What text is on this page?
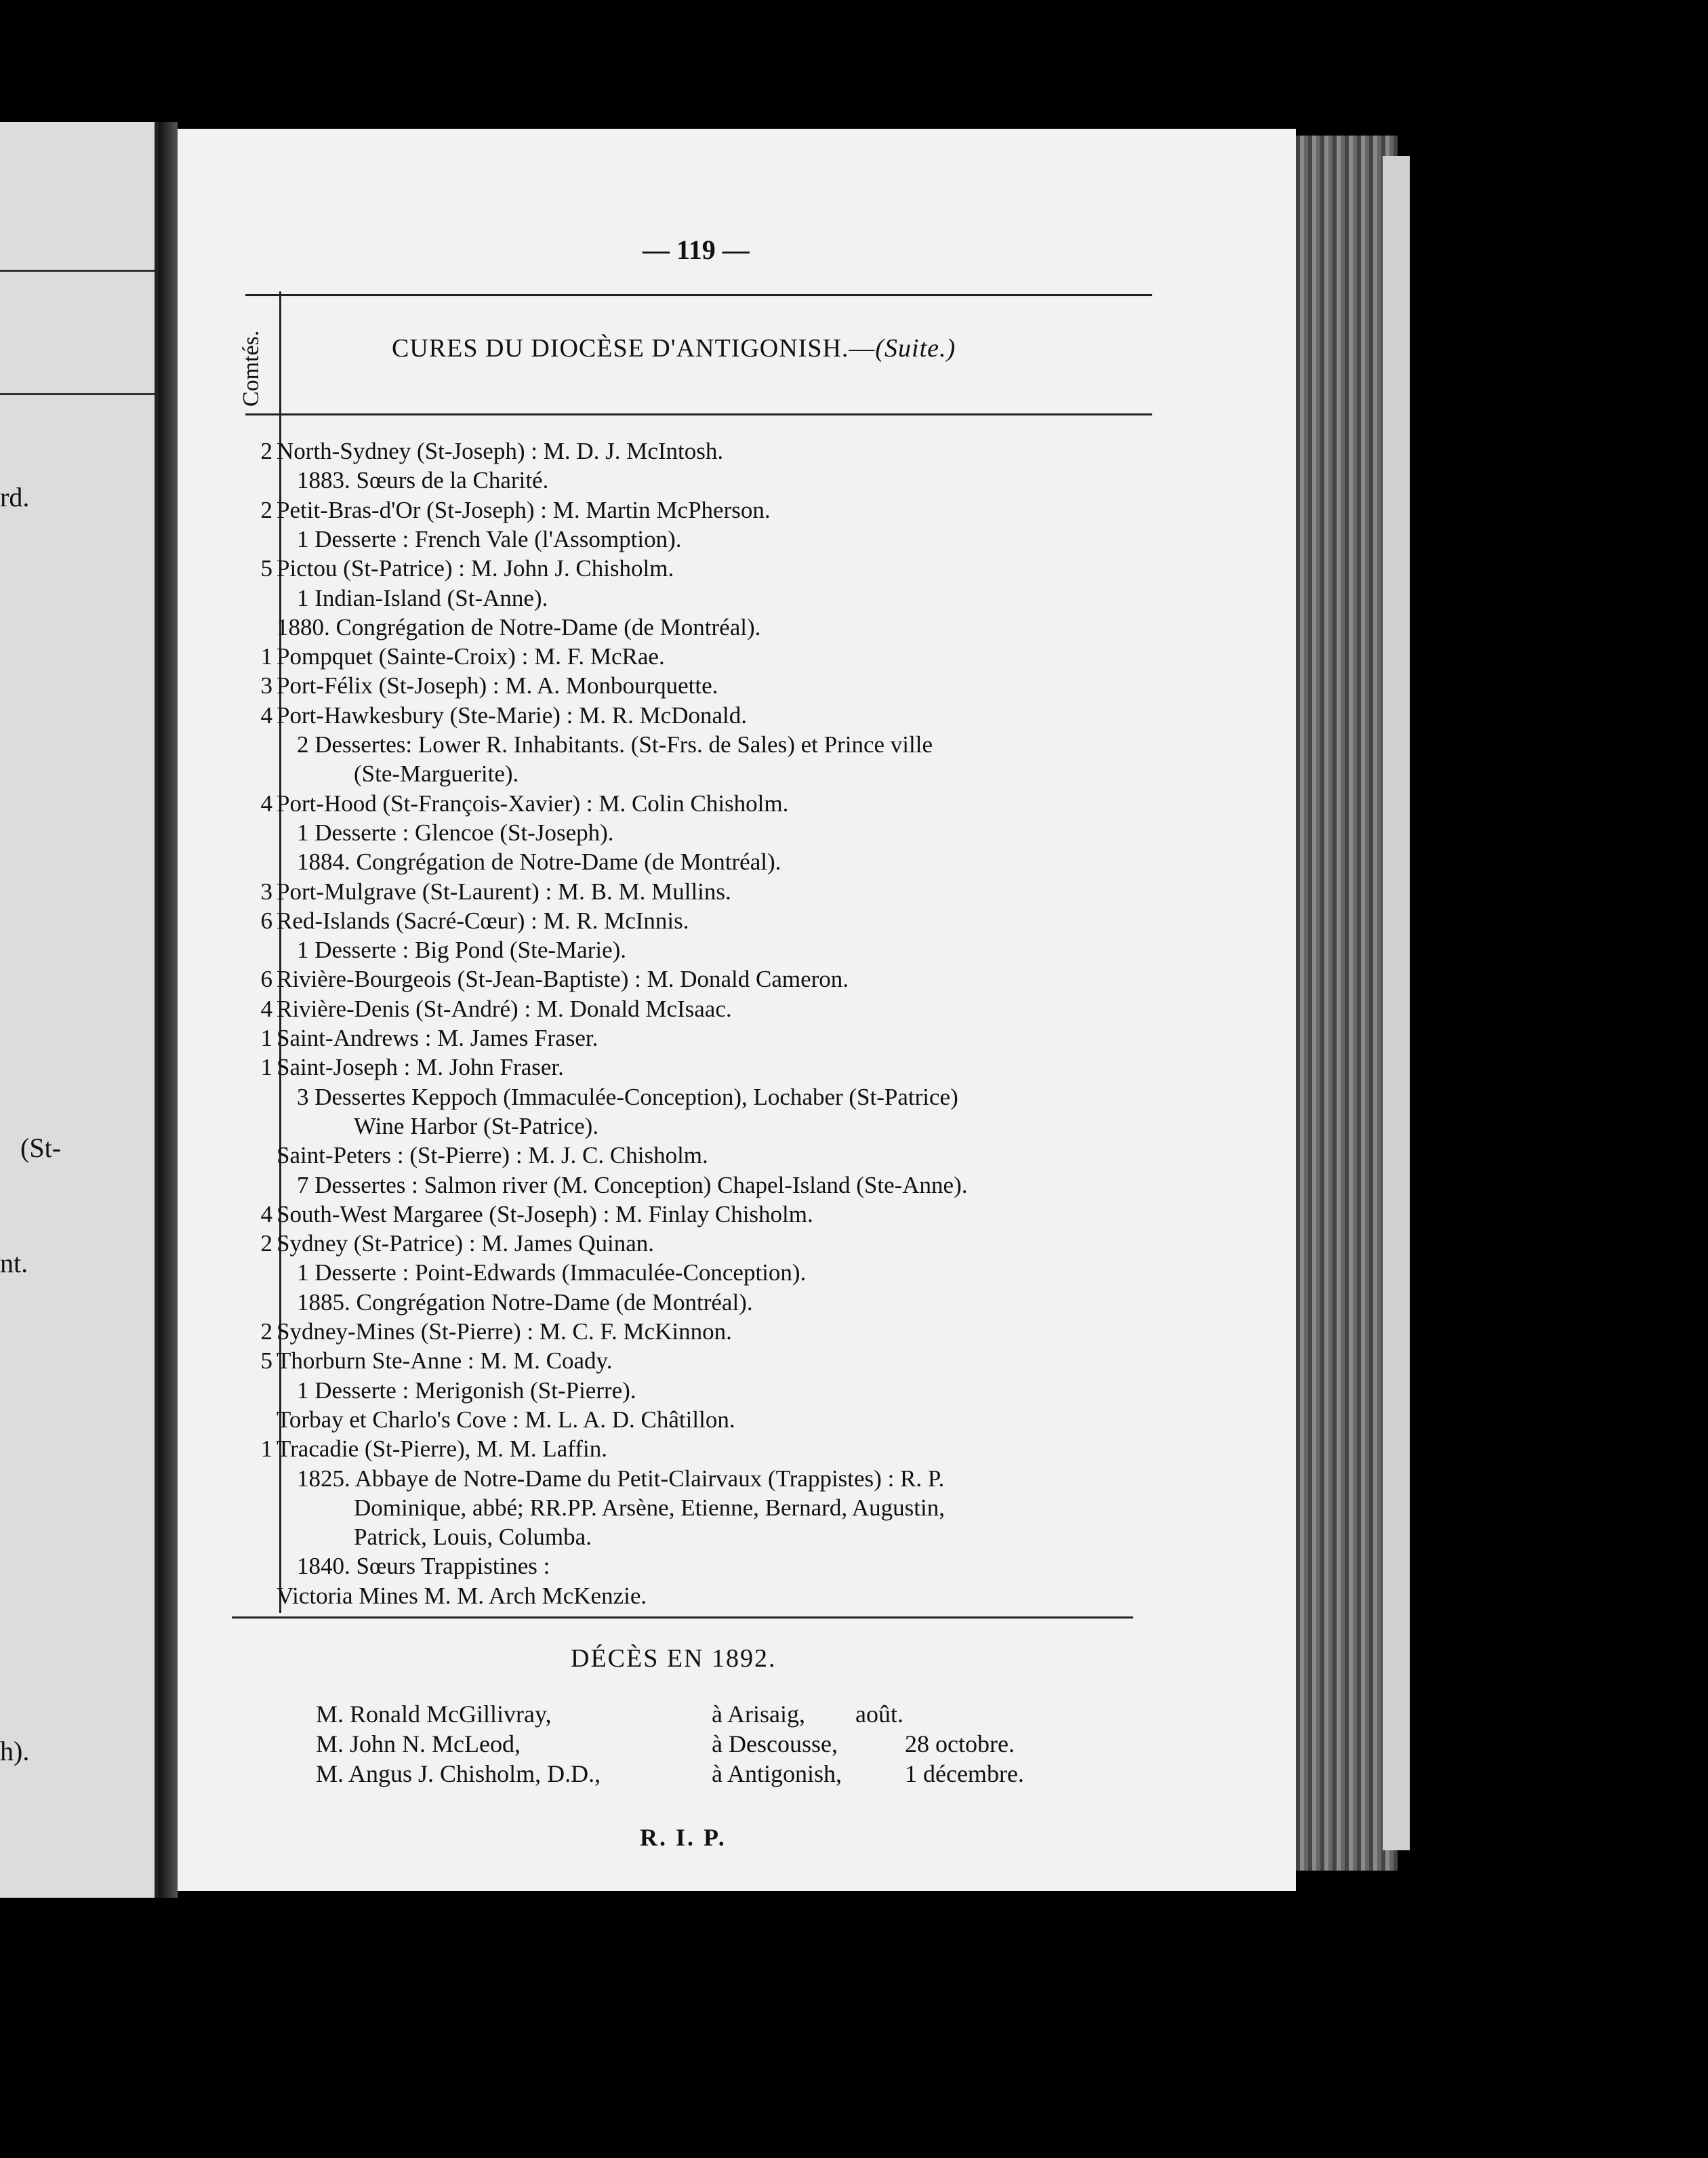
rd.
(St-
nt.
h).
— 119 —
Comtés.	CURES DU DIOCÈSE D'ANTIGONISH.—(Suite.)
2 North-Sydney (St-Joseph) : M. D. J. McIntosh.
1883. Sœurs de la Charité.
2 Petit-Bras-d'Or (St-Joseph) : M. Martin McPherson.
1 Desserte : French Vale (l'Assomption).
5 Pictou (St-Patrice) : M. John J. Chisholm.
1 Indian-Island (St-Anne).
1880. Congrégation de Notre-Dame (de Montréal).
1 Pompquet (Sainte-Croix) : M. F. McRae.
3 Port-Félix (St-Joseph) : M. A. Monbourquette.
4 Port-Hawkesbury (Ste-Marie) : M. R. McDonald.
2 Dessertes: Lower R. Inhabitants. (St-Frs. de Sales) et Prince ville
(Ste-Marguerite).
4 Port-Hood (St-François-Xavier) : M. Colin Chisholm.
1 Desserte : Glencoe (St-Joseph).
1884. Congrégation de Notre-Dame (de Montréal).
3 Port-Mulgrave (St-Laurent) : M. B. M. Mullins.
6 Red-Islands (Sacré-Cœur) : M. R. McInnis.
1 Desserte : Big Pond (Ste-Marie).
6 Rivière-Bourgeois (St-Jean-Baptiste) : M. Donald Cameron.
4 Rivière-Denis (St-André) : M. Donald McIsaac.
1 Saint-Andrews : M. James Fraser.
1 Saint-Joseph : M. John Fraser.
3 Dessertes Keppoch (Immaculée-Conception), Lochaber (St-Patrice)
Wine Harbor (St-Patrice).
Saint-Peters : (St-Pierre) : M. J. C. Chisholm.
7 Dessertes : Salmon river (M. Conception) Chapel-Island (Ste-Anne).
4 South-West Margaree (St-Joseph) : M. Finlay Chisholm.
2 Sydney (St-Patrice) : M. James Quinan.
1 Desserte : Point-Edwards (Immaculée-Conception).
1885. Congrégation Notre-Dame (de Montréal).
2 Sydney-Mines (St-Pierre) : M. C. F. McKinnon.
5 Thorburn Ste-Anne : M. M. Coady.
1 Desserte : Merigonish (St-Pierre).
Torbay et Charlo's Cove : M. L. A. D. Châtillon.
1 Tracadie (St-Pierre), M. M. Laffin.
1825. Abbaye de Notre-Dame du Petit-Clairvaux (Trappistes) : R. P.
Dominique, abbé; RR.PP. Arsène, Etienne, Bernard, Augustin,
Patrick, Louis, Columba.
1840. Sœurs Trappistines :
Victoria Mines M. M. Arch McKenzie.
DÉCÈS EN 1892.
M. Ronald McGillivray,	à Arisaig, août.
M. John N. McLeod,	à Descousse,	28 octobre.
M. Angus J. Chisholm, D.D.,	à Antigonish,	1 décembre.
R. I. P.
